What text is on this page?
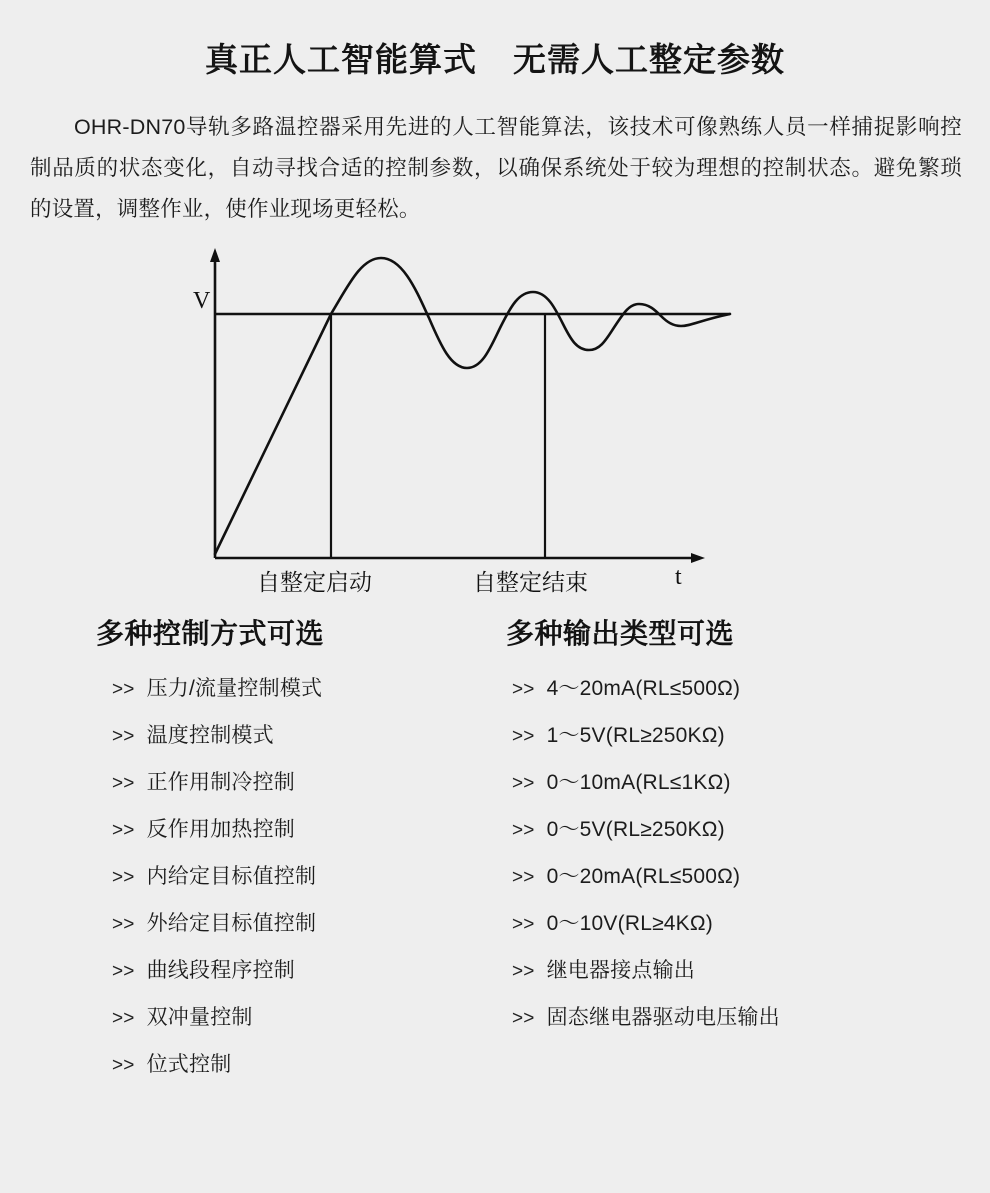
真正人工智能算式 无需人工整定参数

OHR-DN70导轨多路温控器采用先进的人工智能算法，该技术可像熟练人员一样捕捉影响控制品质的状态变化，自动寻找合适的控制参数，以确保系统处于较为理想的控制状态。避免繁琐的设置，调整作业，使作业现场更轻松。

V
t
自整定启动	自整定结束
多种控制方式可选
>> 压力/流量控制模式
>> 温度控制模式
>> 正作用制冷控制
>> 反作用加热控制
>> 内给定目标值控制
>> 外给定目标值控制
>> 曲线段程序控制
>> 双冲量控制
>> 位式控制
多种输出类型可选
>> 4～20mA(RL≤500Ω)
>> 1～5V(RL≥250KΩ)
>> 0～10mA(RL≤1KΩ)
>> 0～5V(RL≥250KΩ)
>> 0～20mA(RL≤500Ω)
>> 0～10V(RL≥4KΩ)
>> 继电器接点输出
>> 固态继电器驱动电压输出
